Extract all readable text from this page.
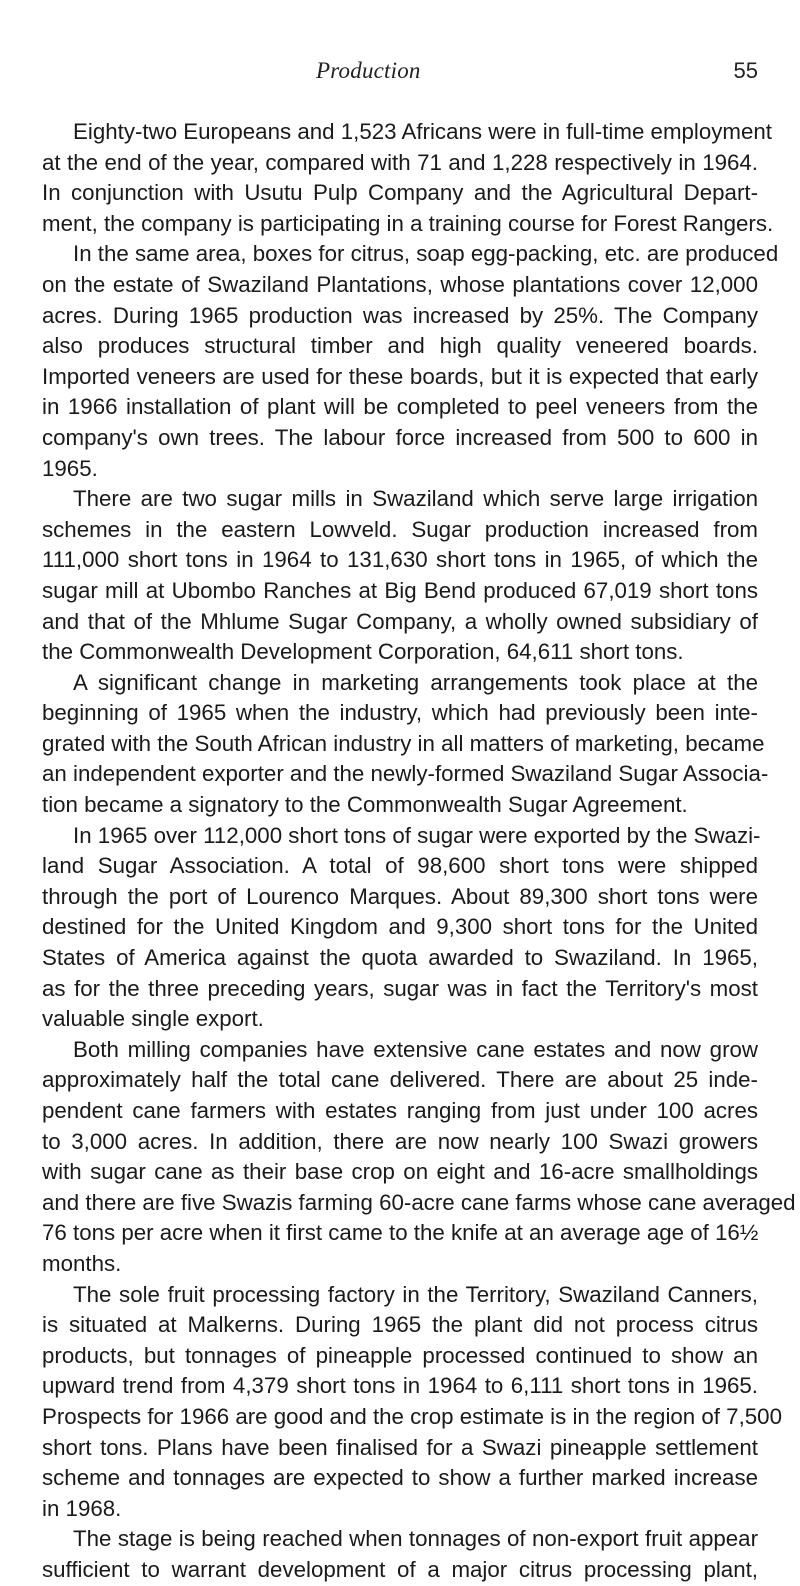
Production	55
Eighty-two Europeans and 1,523 Africans were in full-time employment
at the end of the year, compared with 71 and 1,228 respectively in 1964.
In conjunction with Usutu Pulp Company and the Agricultural Depart-
ment, the company is participating in a training course for Forest Rangers.
In the same area, boxes for citrus, soap egg-packing, etc. are produced
on the estate of Swaziland Plantations, whose plantations cover 12,000
acres. During 1965 production was increased by 25%. The Company
also produces structural timber and high quality veneered boards.
Imported veneers are used for these boards, but it is expected that early
in 1966 installation of plant will be completed to peel veneers from the
company's own trees. The labour force increased from 500 to 600 in
1965.
There are two sugar mills in Swaziland which serve large irrigation
schemes in the eastern Lowveld. Sugar production increased from
111,000 short tons in 1964 to 131,630 short tons in 1965, of which the
sugar mill at Ubombo Ranches at Big Bend produced 67,019 short tons
and that of the Mhlume Sugar Company, a wholly owned subsidiary of
the Commonwealth Development Corporation, 64,611 short tons.
A significant change in marketing arrangements took place at the
beginning of 1965 when the industry, which had previously been inte-
grated with the South African industry in all matters of marketing, became
an independent exporter and the newly-formed Swaziland Sugar Associa-
tion became a signatory to the Commonwealth Sugar Agreement.
In 1965 over 112,000 short tons of sugar were exported by the Swazi-
land Sugar Association. A total of 98,600 short tons were shipped
through the port of Lourenco Marques. About 89,300 short tons were
destined for the United Kingdom and 9,300 short tons for the United
States of America against the quota awarded to Swaziland. In 1965,
as for the three preceding years, sugar was in fact the Territory's most
valuable single export.
Both milling companies have extensive cane estates and now grow
approximately half the total cane delivered. There are about 25 inde-
pendent cane farmers with estates ranging from just under 100 acres
to 3,000 acres. In addition, there are now nearly 100 Swazi growers
with sugar cane as their base crop on eight and 16-acre smallholdings
and there are five Swazis farming 60-acre cane farms whose cane averaged
76 tons per acre when it first came to the knife at an average age of 16½
months.
The sole fruit processing factory in the Territory, Swaziland Canners,
is situated at Malkerns. During 1965 the plant did not process citrus
products, but tonnages of pineapple processed continued to show an
upward trend from 4,379 short tons in 1964 to 6,111 short tons in 1965.
Prospects for 1966 are good and the crop estimate is in the region of 7,500
short tons. Plans have been finalised for a Swazi pineapple settlement
scheme and tonnages are expected to show a further marked increase
in 1968.
The stage is being reached when tonnages of non-export fruit appear
sufficient to warrant development of a major citrus processing plant,
